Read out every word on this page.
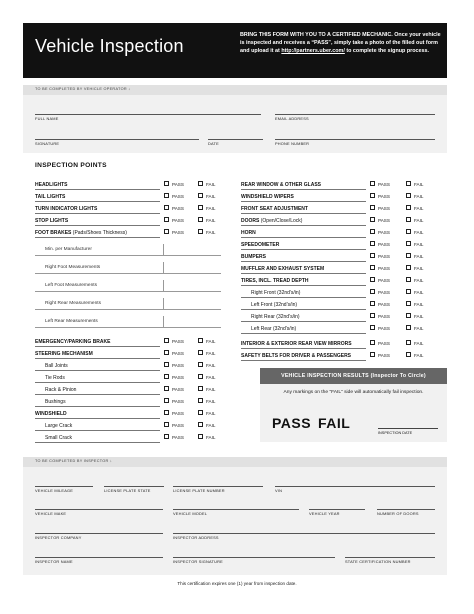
Vehicle Inspection
BRING THIS FORM WITH YOU TO A CERTIFIED MECHANIC. Once your vehicle is inspected and receives a “PASS”, simply take a photo of the filled out form and upload it at http://partners.uber.com/ to complete the signup process.
TO BE COMPLETED BY VEHICLE OPERATOR ↓
FULL NAME	EMAIL ADDRESS
SIGNATURE	DATE	PHONE NUMBER
INSPECTION POINTS
HEADLIGHTS	PASS	FAIL
TAIL LIGHTS	PASS	FAIL
TURN INDICATOR LIGHTS	PASS	FAIL
STOP LIGHTS	PASS	FAIL
FOOT BRAKES (Pads/Shoes Thickness)	PASS	FAIL
Min. per Manufacturer
Right Foot Measurements
Left Foot Measurements
Right Rear Measurements
Left Rear Measurements
EMERGENCY/PARKING BRAKE	PASS	FAIL
STEERING MECHANISM	PASS	FAIL
Ball Joints	PASS	FAIL
Tie Rods	PASS	FAIL
Rack & Pinion	PASS	FAIL
Bushings	PASS	FAIL
WINDSHIELD	PASS	FAIL
Large Crack	PASS	FAIL
Small Crack	PASS	FAIL
REAR WINDOW & OTHER GLASS	PASS	FAIL
WINDSHIELD WIPERS	PASS	FAIL
FRONT SEAT ADJUSTMENT	PASS	FAIL
DOORS (Open/Close/Lock)	PASS	FAIL
HORN	PASS	FAIL
SPEEDOMETER	PASS	FAIL
BUMPERS	PASS	FAIL
MUFFLER AND EXHAUST SYSTEM	PASS	FAIL
TIRES, INCL. TREAD DEPTH	PASS	FAIL
Right Front (32nd’s/in)	PASS	FAIL
Left Front (32nd’s/in)	PASS	FAIL
Right Rear (32nd’s/in)	PASS	FAIL
Left Rear (32nd’s/in)	PASS	FAIL
INTERIOR & EXTERIOR REAR VIEW MIRRORS	PASS	FAIL
SAFETY BELTS FOR DRIVER & PASSENGERS	PASS	FAIL
VEHICLE INSPECTION RESULTS (Inspector To Circle)
Any markings on the “FAIL” side will automatically fail inspection.
PASS FAIL
INSPECTION DATE
TO BE COMPLETED BY INSPECTOR ↓
VEHICLE MILEAGE	LICENSE PLATE STATE	LICENSE PLATE NUMBER	VIN
VEHICLE MAKE	VEHICLE MODEL	VEHICLE YEAR	NUMBER OF DOORS
INSPECTOR COMPANY	INSPECTOR ADDRESS
INSPECTOR NAME	INSPECTOR SIGNATURE	STATE CERTIFICATION NUMBER
This certification expires one (1) year from inspection date.
